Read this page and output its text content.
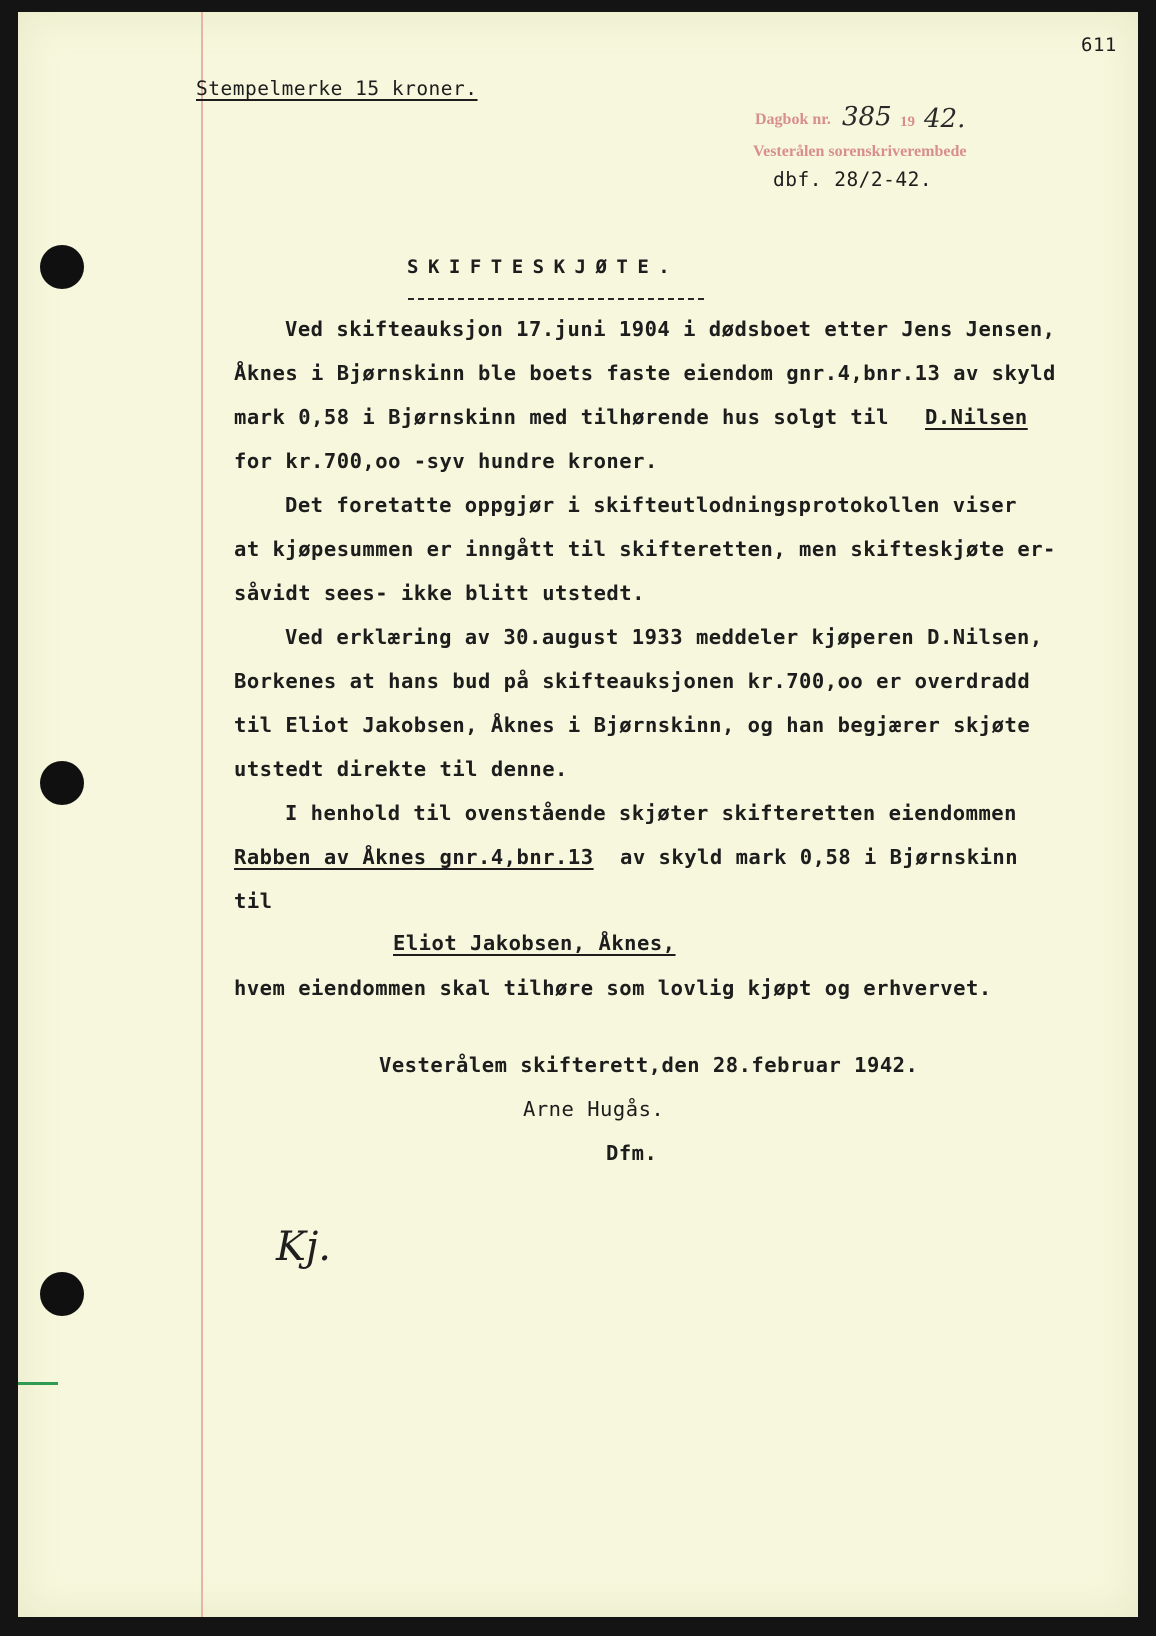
611

Stempelmerke 15 kroner.

Dagbok nr. 385 19 42.

Vesterålen sorenskriverembede

dbf. 28/2-42.

SKIFTESKJØTE.

Ved skifteauksjon 17.juni 1904 i dødsboet etter Jens Jensen,

Åknes i Bjørnskinn ble boets faste eiendom gnr.4,bnr.13 av skyld

mark 0,58 i Bjørnskinn med tilhørende hus solgt til D.Nilsen

for kr.700,oo -syv hundre kroner.

Det foretatte oppgjør i skifteutlodningsprotokollen viser

at kjøpesummen er inngått til skifteretten, men skifteskjøte er-

såvidt sees- ikke blitt utstedt.

Ved erklæring av 30.august 1933 meddeler kjøperen D.Nilsen,

Borkenes at hans bud på skifteauksjonen kr.700,oo er overdradd

til Eliot Jakobsen, Åknes i Bjørnskinn, og han begjærer skjøte

utstedt direkte til denne.

I henhold til ovenstående skjøter skifteretten eiendommen

Rabben av Åknes gnr.4,bnr.13 av skyld mark 0,58 i Bjørnskinn

til

Eliot Jakobsen, Åknes,

hvem eiendommen skal tilhøre som lovlig kjøpt og erhvervet.

Vesterålem skifterett,den 28.februar 1942.

Arne Hugås.

Dfm.

Kj.
